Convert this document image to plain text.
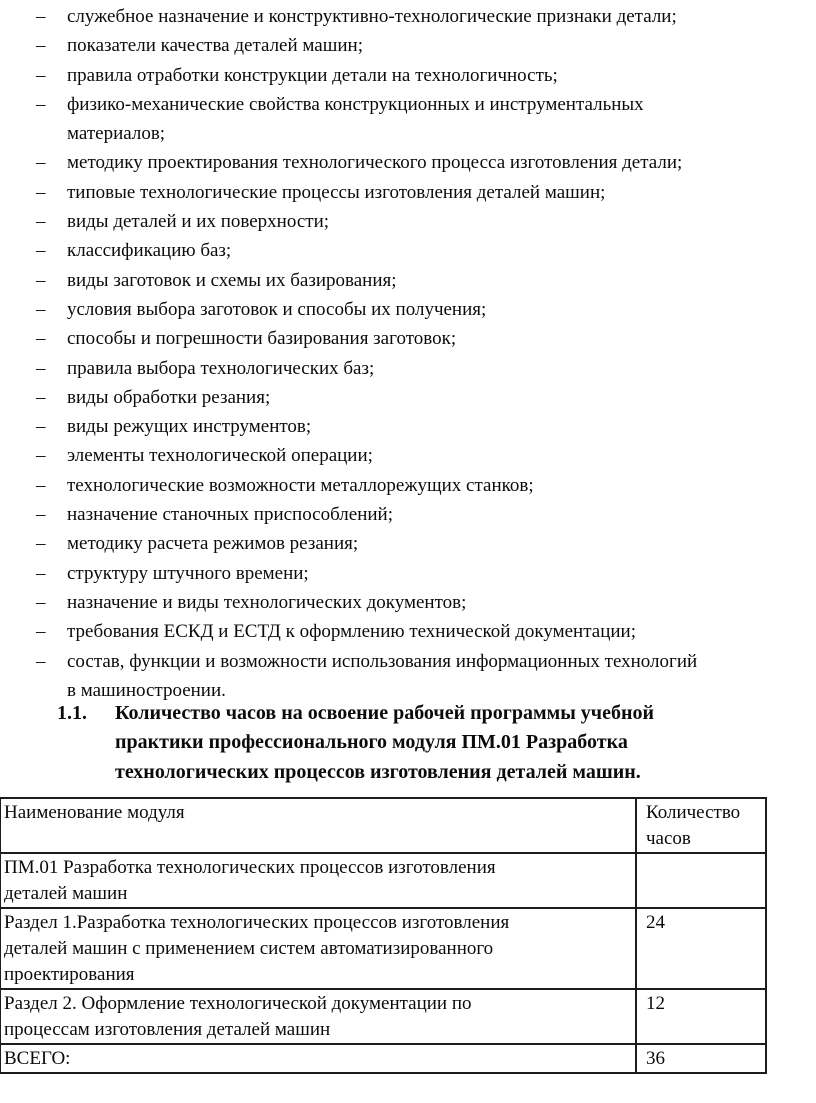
– служебное назначение и конструктивно-технологические признаки детали;
– показатели качества деталей машин;
– правила отработки конструкции детали на технологичность;
– физико-механические свойства конструкционных и инструментальных
материалов;
– методику проектирования технологического процесса изготовления детали;
– типовые технологические процессы изготовления деталей машин;
– виды деталей и их поверхности;
– классификацию баз;
– виды заготовок и схемы их базирования;
– условия выбора заготовок и способы их получения;
– способы и погрешности базирования заготовок;
– правила выбора технологических баз;
– виды обработки резания;
– виды режущих инструментов;
– элементы технологической операции;
– технологические возможности металлорежущих станков;
– назначение станочных приспособлений;
– методику расчета режимов резания;
– структуру штучного времени;
– назначение и виды технологических документов;
– требования ЕСКД и ЕСТД к оформлению технической документации;
– состав, функции и возможности использования информационных технологий
в машиностроении.
1.1. Количество часов на освоение рабочей программы учебной
практики профессионального модуля ПМ.01 Разработка
технологических процессов изготовления деталей машин.
Наименование модуля	Количество
часов

ПМ.01 Разработка технологических процессов изготовления
деталей машин	

Раздел 1.Разработка технологических процессов изготовления
деталей машин с применением систем автоматизированного
проектирования	24

Раздел 2. Оформление технологической документации по
процессам изготовления деталей машин	12

ВСЕГО:	36
